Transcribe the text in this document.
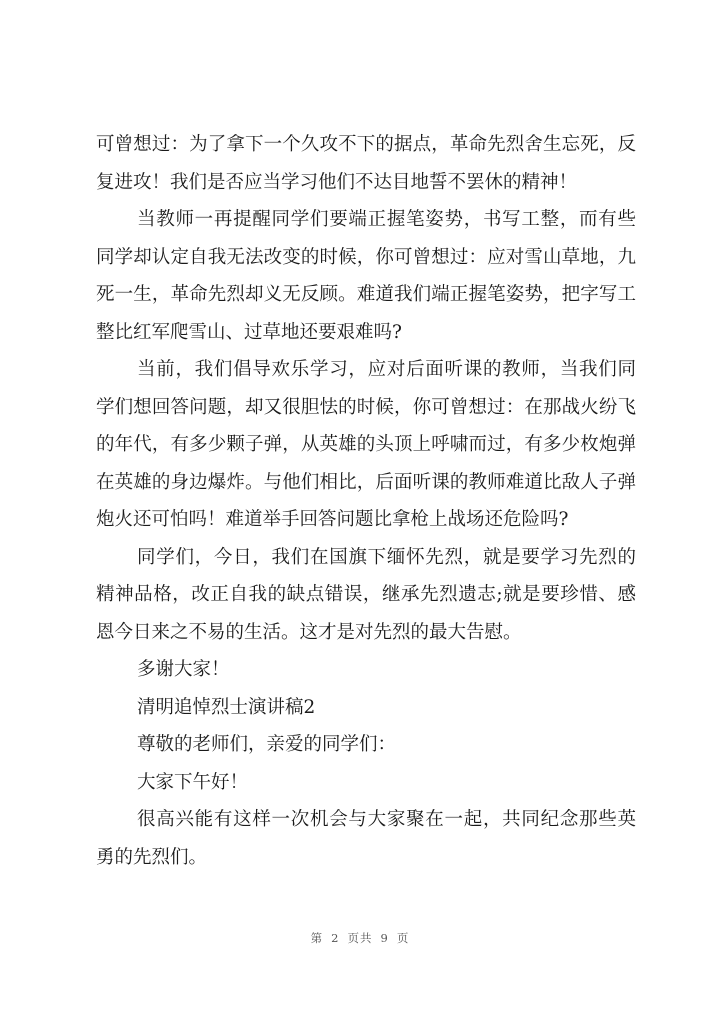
可曾想过：为了拿下一个久攻不下的据点，革命先烈舍生忘死，反复进攻！我们是否应当学习他们不达目地誓不罢休的精神！

当教师一再提醒同学们要端正握笔姿势，书写工整，而有些同学却认定自我无法改变的时候，你可曾想过：应对雪山草地，九死一生，革命先烈却义无反顾。难道我们端正握笔姿势，把字写工整比红军爬雪山、过草地还要艰难吗?

当前，我们倡导欢乐学习，应对后面听课的教师，当我们同学们想回答问题，却又很胆怯的时候，你可曾想过：在那战火纷飞的年代，有多少颗子弹，从英雄的头顶上呼啸而过，有多少枚炮弹在英雄的身边爆炸。与他们相比，后面听课的教师难道比敌人子弹炮火还可怕吗！难道举手回答问题比拿枪上战场还危险吗?

同学们，今日，我们在国旗下缅怀先烈，就是要学习先烈的精神品格，改正自我的缺点错误，继承先烈遗志;就是要珍惜、感恩今日来之不易的生活。这才是对先烈的最大告慰。

多谢大家！

清明追悼烈士演讲稿2

尊敬的老师们，亲爱的同学们：

大家下午好！

很高兴能有这样一次机会与大家聚在一起，共同纪念那些英勇的先烈们。

第 2 页共 9 页
